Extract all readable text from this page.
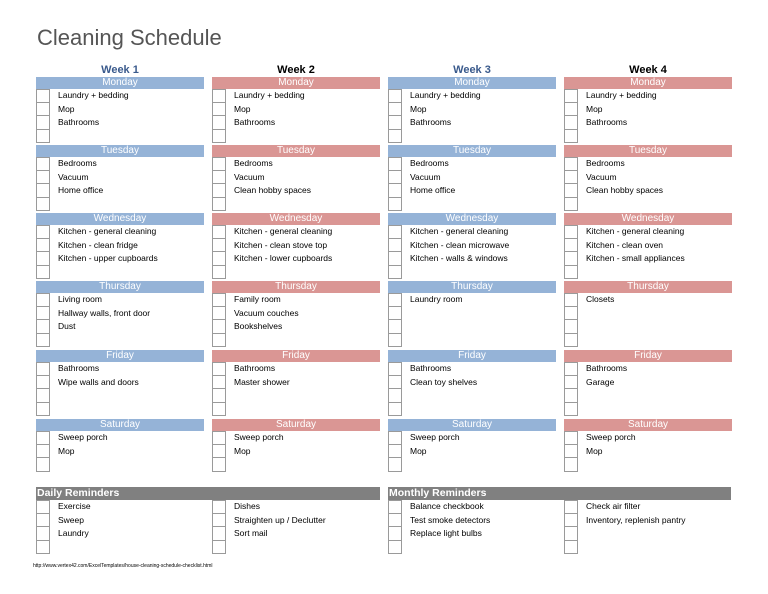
Cleaning Schedule
Week 1
Monday
Laundry + bedding
Mop
Bathrooms
Tuesday
Bedrooms
Vacuum
Home office
Wednesday
Kitchen - general cleaning
Kitchen - clean fridge
Kitchen - upper cupboards
Thursday
Living room
Hallway walls, front door
Dust
Friday
Bathrooms
Wipe walls and doors
Saturday
Sweep porch
Mop
Week 2
Monday
Laundry + bedding
Mop
Bathrooms
Tuesday
Bedrooms
Vacuum
Clean hobby spaces
Wednesday
Kitchen - general cleaning
Kitchen - clean stove top
Kitchen - lower cupboards
Thursday
Family room
Vacuum couches
Bookshelves
Friday
Bathrooms
Master shower
Saturday
Sweep porch
Mop
Week 3
Monday
Laundry + bedding
Mop
Bathrooms
Tuesday
Bedrooms
Vacuum
Home office
Wednesday
Kitchen - general cleaning
Kitchen - clean microwave
Kitchen - walls & windows
Thursday
Laundry room
Friday
Bathrooms
Clean toy shelves
Saturday
Sweep porch
Mop
Week 4
Monday
Laundry + bedding
Mop
Bathrooms
Tuesday
Bedrooms
Vacuum
Clean hobby spaces
Wednesday
Kitchen - general cleaning
Kitchen - clean oven
Kitchen - small appliances
Thursday
Closets
Friday
Bathrooms
Garage
Saturday
Sweep porch
Mop
Daily Reminders
Exercise
Sweep
Laundry
Dishes
Straighten up / Declutter
Sort mail
Monthly Reminders
Balance checkbook
Test smoke detectors
Replace light bulbs
Check air filter
Inventory, replenish pantry
http://www.vertex42.com/ExcelTemplates/house-cleaning-schedule-checklist.html
